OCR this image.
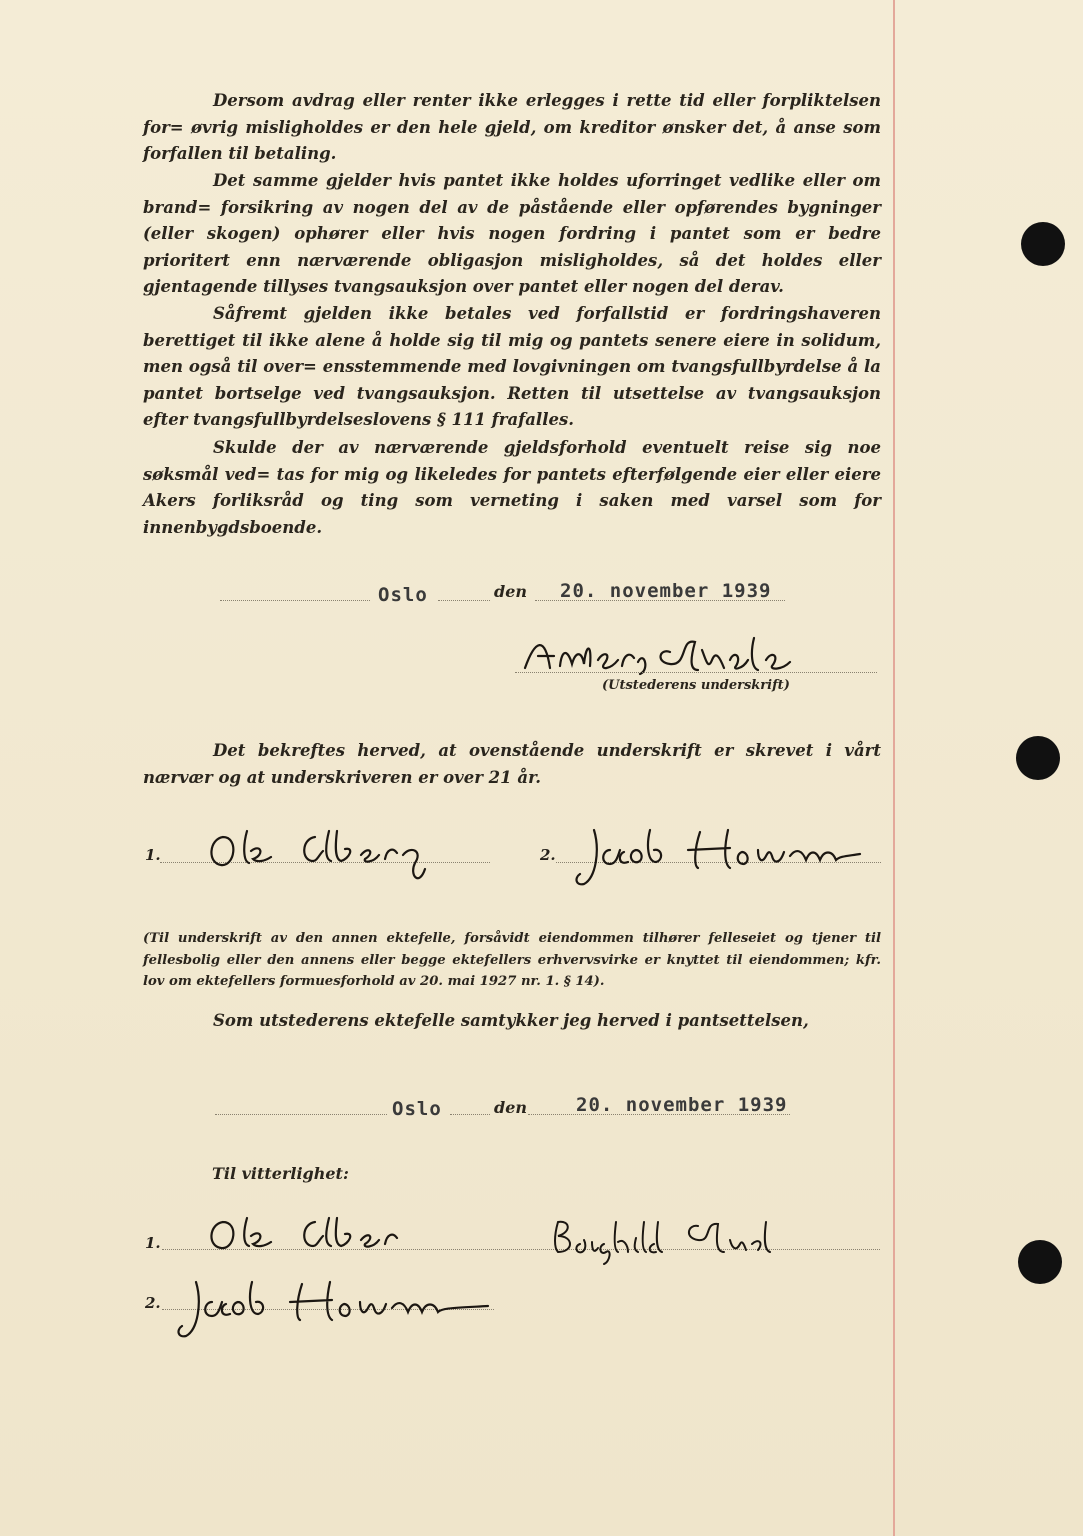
Dersom avdrag eller renter ikke erlegges i rette tid eller forpliktelsen for= øvrig misligholdes er den hele gjeld, om kreditor ønsker det, å anse som forfallen til betaling.

Det samme gjelder hvis pantet ikke holdes uforringet vedlike eller om brand= forsikring av nogen del av de påstående eller opførendes bygninger (eller skogen) ophører eller hvis nogen fordring i pantet som er bedre prioritert enn nærværende obligasjon misligholdes, så det holdes eller gjentagende tillyses tvangsauksjon over pantet eller nogen del derav.

Såfremt gjelden ikke betales ved forfallstid er fordringshaveren berettiget til ikke alene å holde sig til mig og pantets senere eiere in solidum, men også til over= ensstemmende med lovgivningen om tvangsfullbyrdelse å la pantet bortselge ved tvangsauksjon. Retten til utsettelse av tvangsauksjon efter tvangsfullbyrdelseslovens § 111 frafalles.

Skulde der av nærværende gjeldsforhold eventuelt reise sig noe søksmål ved= tas for mig og likeledes for pantets efterfølgende eier eller eiere Akers forliksråd og ting som verneting i saken med varsel som for innenbygdsboende.

Oslo	den 20. november 1939
(Utstederens underskrift)

Det bekreftes herved, at ovenstående underskrift er skrevet i vårt nærvær og at underskriveren er over 21 år.

1.	2.

(Til underskrift av den annen ektefelle, forsåvidt eiendommen tilhører felleseiet og tjener til fellesbolig eller den annens eller begge ektefellers erhvervsvirke er knyttet til eiendommen; kfr. lov om ektefellers formuesforhold av 20. mai 1927 nr. 1. § 14).

Som utstederens ektefelle samtykker jeg herved i pantsettelsen,

Oslo	den	20. november 1939
Til vitterlighet:
1.
2.
